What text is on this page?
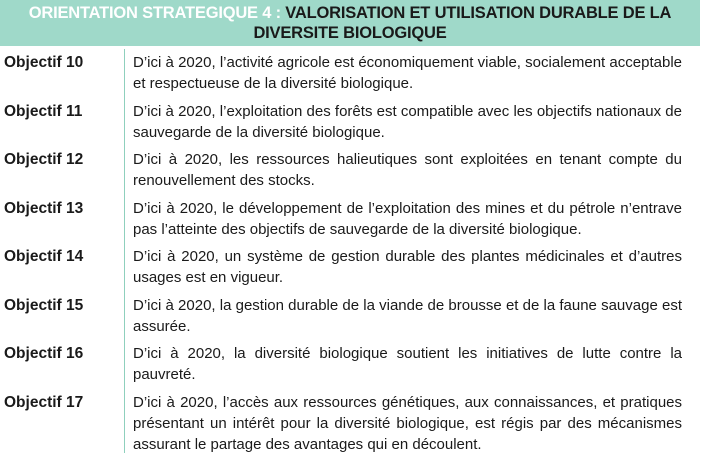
ORIENTATION STRATEGIQUE 4 : VALORISATION ET UTILISATION DURABLE DE LA DIVERSITE BIOLOGIQUE
Objectif 10	D’ici à 2020, l’activité agricole est économiquement viable, socialement acceptable et respectueuse de la diversité biologique.
Objectif 11	D’ici à 2020, l’exploitation des forêts est compatible avec les objectifs nationaux de sauvegarde de la diversité biologique.
Objectif 12	D’ici à 2020, les ressources halieutiques sont exploitées en tenant compte du renouvellement des stocks.
Objectif 13	D’ici à 2020, le développement de l’exploitation des mines et du pétrole n’entrave pas l’atteinte des objectifs de sauvegarde de la diversité biologique.
Objectif 14	D’ici à 2020, un système de gestion durable des plantes médicinales et d’autres usages est en vigueur.
Objectif 15	D’ici à 2020, la gestion durable de la viande de brousse et de la faune sauvage est assurée.
Objectif 16	D’ici à 2020, la diversité biologique soutient les initiatives de lutte contre la pauvreté.
Objectif 17	D’ici à 2020, l’accès aux ressources génétiques, aux connaissances, et pratiques présentant un intérêt pour la diversité biologique, est régis par des mécanismes assurant le partage des avantages qui en découlent.
